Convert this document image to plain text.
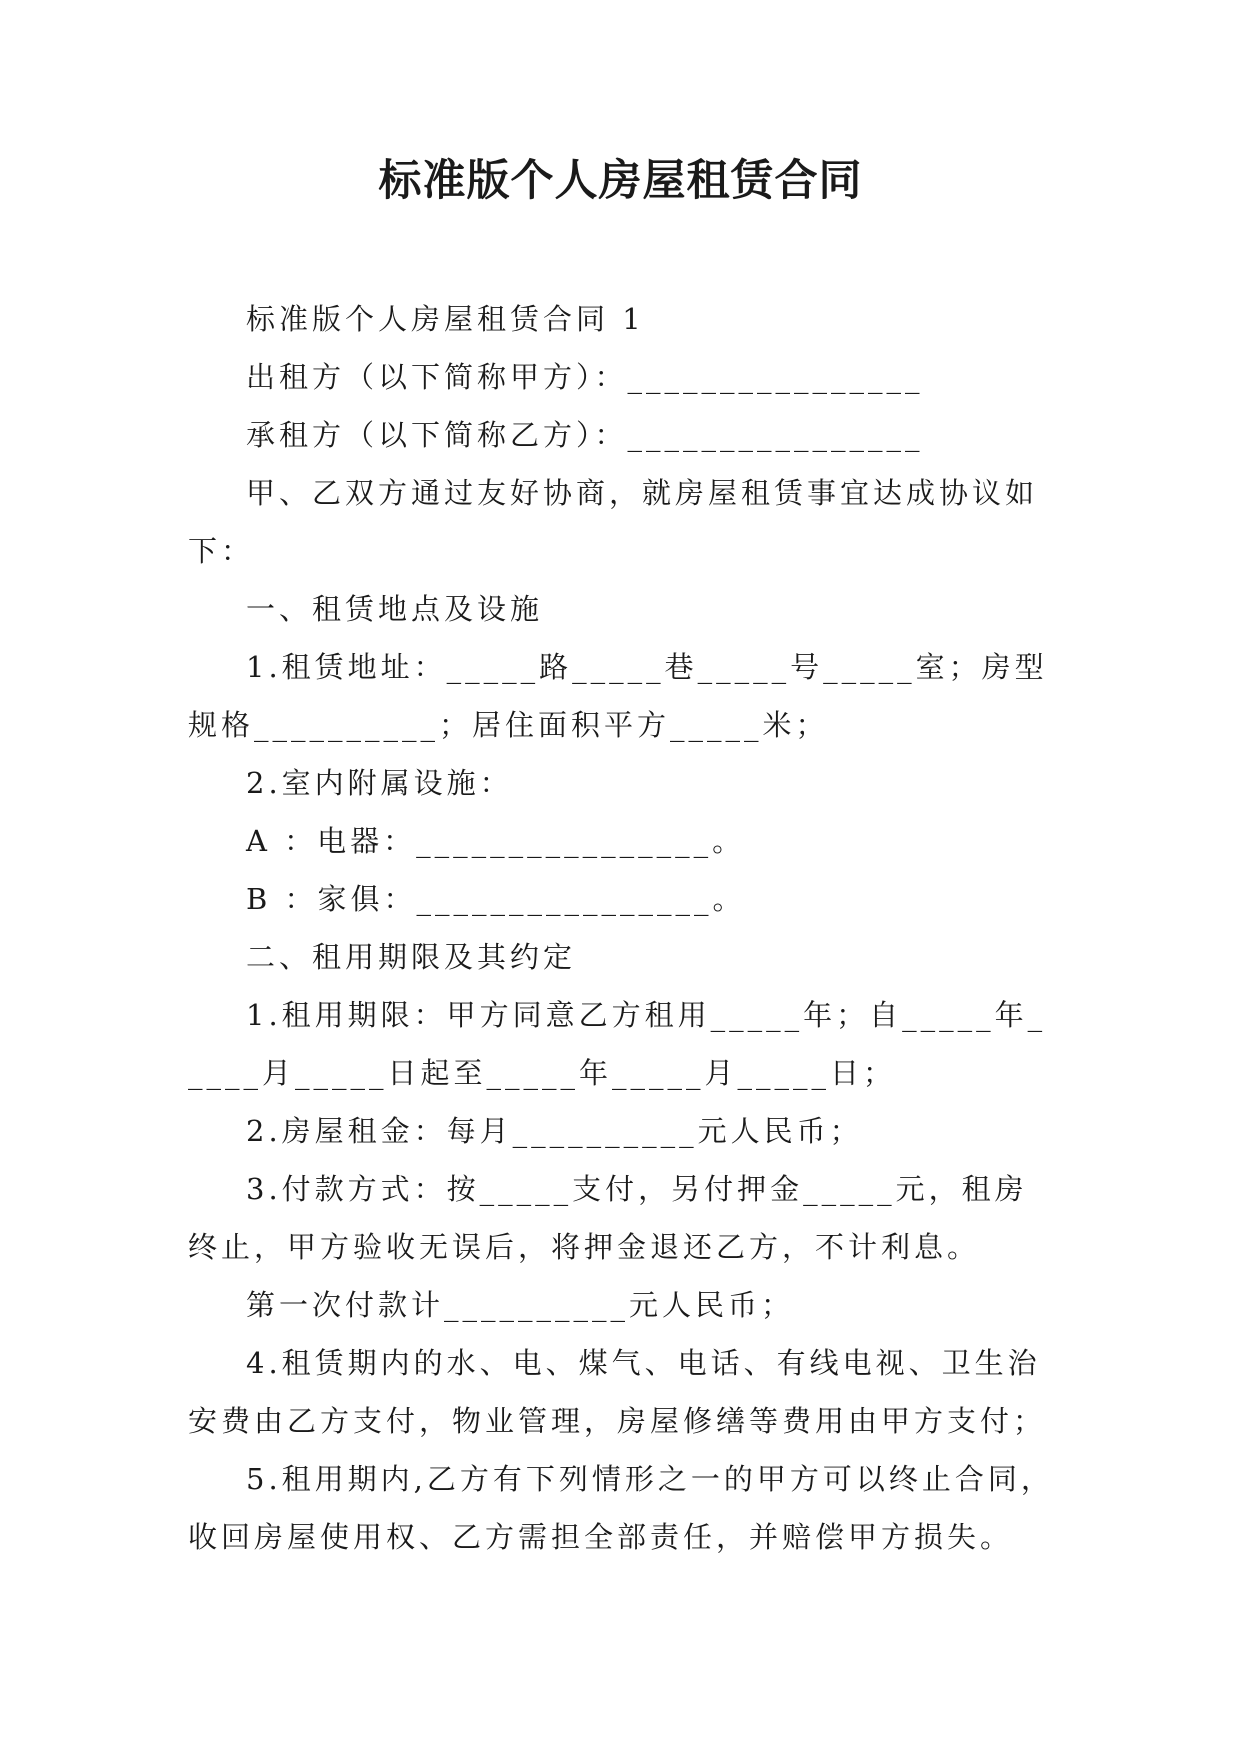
标准版个人房屋租赁合同

标准版个人房屋租赁合同 1

出租方（以下简称甲方）：________________

承租方（以下简称乙方）：________________

甲、乙双方通过友好协商，就房屋租赁事宜达成协议如下：

一、租赁地点及设施

1.租赁地址：_____路_____巷_____号_____室；房型规格__________；居住面积平方_____米；

2.室内附属设施：

A ：电器：________________。

B ：家俱：________________。

二、租用期限及其约定

1.租用期限：甲方同意乙方租用_____年；自_____年_____月_____日起至_____年_____月_____日；

2.房屋租金：每月__________元人民币；

3.付款方式：按_____支付，另付押金_____元，租房终止，甲方验收无误后，将押金退还乙方，不计利息。

第一次付款计__________元人民币；

4.租赁期内的水、电、煤气、电话、有线电视、卫生治安费由乙方支付，物业管理，房屋修缮等费用由甲方支付；

5.租用期内,乙方有下列情形之一的甲方可以终止合同，收回房屋使用权、乙方需担全部责任，并赔偿甲方损失。
